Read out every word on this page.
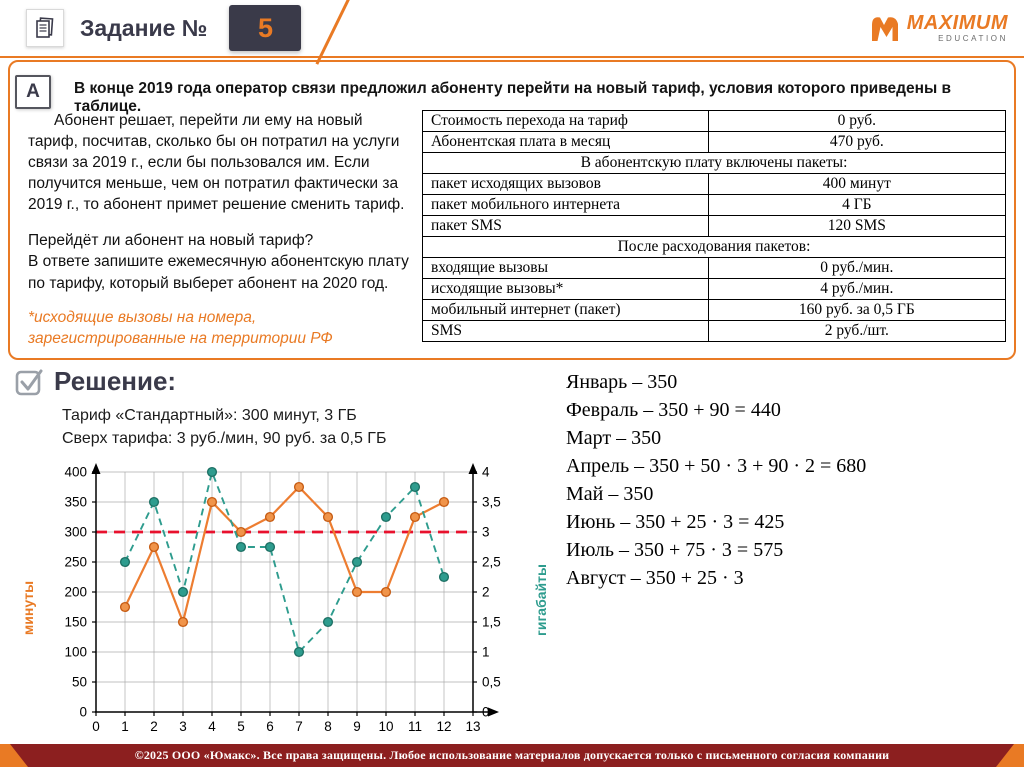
Задание №	5	MAXIMUM
EDUCATION
А	В конце 2019 года оператор связи предложил абоненту перейти на новый тариф, условия которого приведены в таблице.

Абонент решает, перейти ли ему на новый тариф, посчитав, сколько бы он потратил на услуги связи за 2019 г., если бы пользовался им. Если получится меньше, чем он потратил фактически за 2019 г., то абонент примет решение сменить тариф.

Перейдёт ли абонент на новый тариф?

В ответе запишите ежемесячную абонентскую плату по тарифу, который выберет абонент на 2020 год.

*исходящие вызовы на номера, зарегистрированные на территории РФ

Стоимость перехода на тариф	0 руб.
Абонентская плата в месяц	470 руб.
В абонентскую плату включены пакеты:	
пакет исходящих вызовов	400 минут
пакет мобильного интернета	4 ГБ
пакет SMS	120 SMS
После расходования пакетов:	
входящие вызовы	0 руб./мин.
исходящие вызовы*	4 руб./мин.
мобильный интернет (пакет)	160 руб. за 0,5 ГБ
SMS	2 руб./шт.
Решение:

Тариф «Стандартный»: 300 минут, 3 ГБ

Сверх тарифа: 3 руб./мин, 90 руб. за 0,5 ГБ

0
50
100
150
200
250
300
350
400
0
0,5
1
1,5
2
2,5
3
3,5
4
0 1 2 3 4 5 6 7 8 9 10 11 12 13
минуты	гигабайты
Январь – 350
Февраль – 350 + 90 = 440
Март – 350
Апрель – 350 + 50 · 3 + 90 · 2 = 680
Май – 350
Июнь – 350 + 25 · 3 = 425
Июль – 350 + 75 · 3 = 575
Август – 350 + 25 · 3
©2025 ООО «Юмакс». Все права защищены. Любое использование материалов допускается только с письменного согласия компании
